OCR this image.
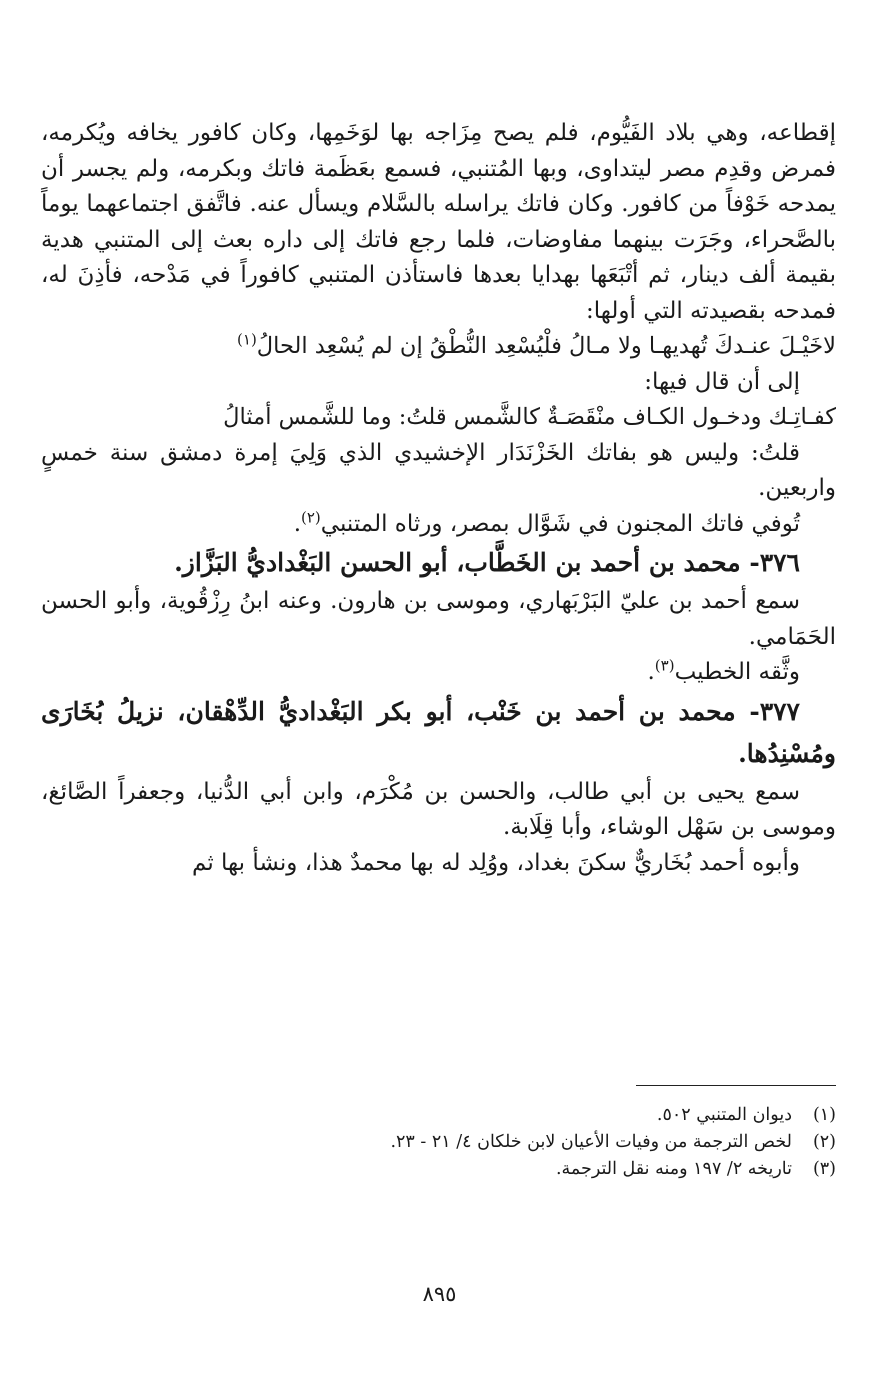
إقطاعه، وهي بلاد الفَيُّوم، فلم يصح مِزَاجه بها لوَخَمِها، وكان كافور يخافه ويُكرمه، فمرض وقدِم مصر ليتداوى، وبها المُتنبي، فسمع بعَظَمة فاتك وبكرمه، ولم يجسر أن يمدحه خَوْفاً من كافور. وكان فاتك يراسله بالسَّلام ويسأل عنه. فاتَّفق اجتماعهما يوماً بالصَّحراء، وجَرَت بينهما مفاوضات، فلما رجع فاتك إلى داره بعث إلى المتنبي هدية بقيمة ألف دينار، ثم أتْبَعَها بهدايا بعدها فاستأذن المتنبي كافوراً في مَدْحه، فأذِنَ له، فمدحه بقصيدته التي أولها:

لاخَيْـلَ عنـدكَ تُهديهـا ولا مـالُ فلْيُسْعِد النُّطْقُ إن لم يُسْعِد الحالُ$^{(١)}$

إلى أن قال فيها:

كفـاتِـك ودخـول الكـاف منْقَصَـةٌ كالشَّمس قلتُ: وما للشَّمس أمثالُ

قلتُ: وليس هو بفاتك الخَزْنَدَار الإخشيدي الذي وَلِيَ إمرة دمشق سنة خمسٍ واربعين.

تُوفي فاتك المجنون في شَوَّال بمصر، ورثاه المتنبي$^{(٢)}$.

٣٧٦- محمد بن أحمد بن الخَطَّاب، أبو الحسن البَغْداديُّ البَزَّاز.

سمع أحمد بن عليّ البَرْبَهاري، وموسى بن هارون. وعنه ابنُ رِزْقُوية، وأبو الحسن الحَمَامي.

وثَّقه الخطيب$^{(٣)}$.

٣٧٧- محمد بن أحمد بن خَنْب، أبو بكر البَغْداديُّ الدِّهْقان، نزيلُ بُخَارَى ومُسْنِدُها.

سمع يحيى بن أبي طالب، والحسن بن مُكْرَم، وابن أبي الدُّنيا، وجعفراً الصَّائغ، وموسى بن سَهْل الوشاء، وأبا قِلَابة.

وأبوه أحمد بُخَاريٌّ سكنَ بغداد، ووُلِد له بها محمدٌ هذا، ونشأ بها ثم

(١)
ديوان المتنبي ٥٠٢.
(٢)
لخص الترجمة من وفيات الأعيان لابن خلكان ٤/ ٢١ - ٢٣.
(٣)
تاريخه ٢/ ١٩٧ ومنه نقل الترجمة.
٨٩٥
